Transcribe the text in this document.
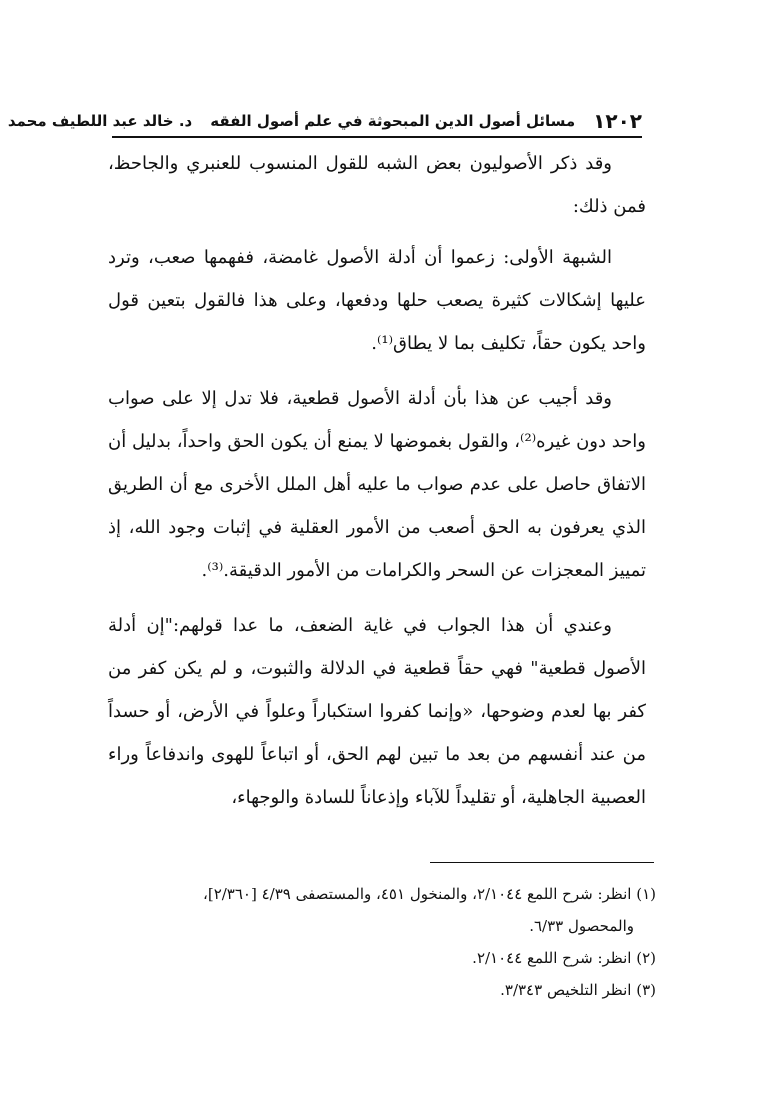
١٢٠٢
مسائل أصول الدين المبحوثة في علم أصول الفقه
د. خالد عبد اللطيف محمد

وقد ذكر الأصوليون بعض الشبه للقول المنسوب للعنبري والجاحظ، فمن ذلك:

الشبهة الأولى: زعموا أن أدلة الأصول غامضة، ففهمها صعب، وترد عليها إشكالات كثيرة يصعب حلها ودفعها، وعلى هذا فالقول بتعين قول واحد يكون حقاً، تكليف بما لا يطاق⁽¹⁾.

وقد أجيب عن هذا بأن أدلة الأصول قطعية، فلا تدل إلا على صواب واحد دون غيره⁽²⁾، والقول بغموضها لا يمنع أن يكون الحق واحداً، بدليل أن الاتفاق حاصل على عدم صواب ما عليه أهل الملل الأخرى مع أن الطريق الذي يعرفون به الحق أصعب من الأمور العقلية في إثبات وجود الله، إذ تمييز المعجزات عن السحر والكرامات من الأمور الدقيقة.⁽³⁾.

وعندي أن هذا الجواب في غاية الضعف، ما عدا قولهم:"إن أدلة الأصول قطعية" فهي حقاً قطعية في الدلالة والثبوت، و لم يكن كفر من كفر بها لعدم وضوحها، «وإنما كفروا استكباراً وعلواً في الأرض، أو حسداً من عند أنفسهم من بعد ما تبين لهم الحق، أو اتباعاً للهوى واندفاعاً وراء العصبية الجاهلية، أو تقليداً للآباء وإذعاناً للسادة والوجهاء،

(١) انظر: شرح اللمع ٢/١٠٤٤، والمنخول ٤٥١، والمستصفى ٤/٣٩ [٢/٣٦٠]،

والمحصول ٦/٣٣.

(٢) انظر: شرح اللمع ٢/١٠٤٤.

(٣) انظر التلخيص ٣/٣٤٣.
